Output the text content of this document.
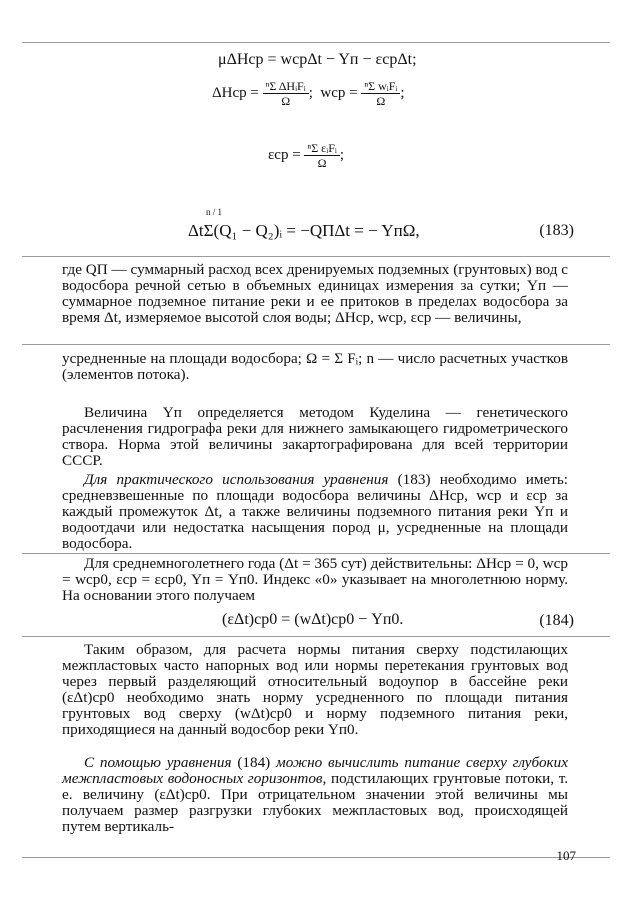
μΔHср = wсрΔt − Yп − εсрΔt;
$\Delta Hср = \frac{\text{ⁿΣ ΔHᵢFᵢ}}{\Omega}$ ; wср = $\frac{\text{ⁿΣ wᵢFᵢ}}{\Omega}$ ;
$\varepsilon ср = \frac{\text{ⁿΣ εᵢFᵢ}}{\Omega}$ ;
ΔtΣ(Q₁ − Q₂)ᵢ = −QПΔt = − YпΩ,
n / 1
(183)

где QП — суммарный расход всех дренируемых подземных (грунтовых) вод с водосбора речной сетью в объемных единицах измерения за сутки; Yп — суммарное подземное питание реки и ее притоков в пределах водосбора за время Δt, измеряемое высотой слоя воды; ΔHср, wср, εср — величины,

усредненные на площади водосбора; Ω = Σ Fᵢ; n — число расчетных участков (элементов потока).

Величина Yп определяется методом Куделина — генетического расчленения гидрографа реки для нижнего замыкающего гидрометрического створа. Норма этой величины закартографирована для всей территории СССР.

Для практического использования уравнения (183) необходимо иметь: средневзвешенные по площади водосбора величины ΔHср, wср и εср за каждый промежуток Δt, а также величины подземного питания реки Yп и водоотдачи или недостатка насыщения пород μ, усредненные на площади водосбора.

Для среднемноголетнего года (Δt = 365 сут) действительны: ΔHср = 0, wср = wср0, εср = εср0, Yп = Yп0. Индекс «0» указывает на многолетнюю норму. На основании этого получаем

(εΔt)ср0 = (wΔt)ср0 − Yп0.	(184)

Таким образом, для расчета нормы питания сверху подстилающих межпластовых часто напорных вод или нормы перетекания грунтовых вод через первый разделяющий относительный водоупор в бассейне реки (εΔt)ср0 необходимо знать норму усредненного по площади питания грунтовых вод сверху (wΔt)ср0 и норму подземного питания реки, приходящиеся на данный водосбор реки Yп0.

С помощью уравнения (184) можно вычислить питание сверху глубоких межпластовых водоносных горизонтов, подстилающих грунтовые потоки, т. е. величину (εΔt)ср0. При отрицательном значении этой величины мы получаем размер разгрузки глубоких межпластовых вод, происходящей путем вертикаль-

107
